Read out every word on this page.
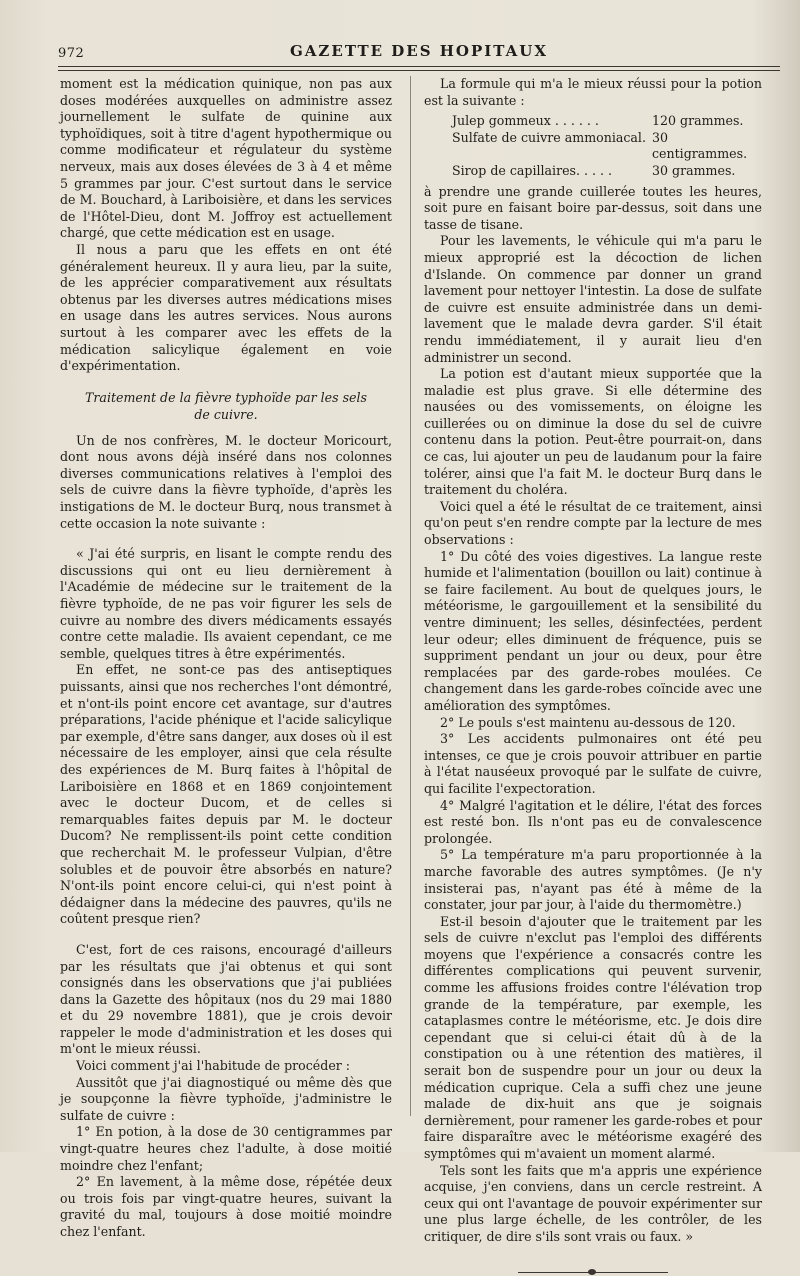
972	GAZETTE DES HOPITAUX

moment est la médication quinique, non pas aux doses modérées auxquelles on administre assez journellement le sulfate de quinine aux typhoïdiques, soit à titre d'agent hypothermique ou comme modificateur et régulateur du système nerveux, mais aux doses élevées de 3 à 4 et même 5 grammes par jour. C'est surtout dans le service de M. Bouchard, à Lariboisière, et dans les services de l'Hôtel-Dieu, dont M. Joffroy est actuellement chargé, que cette médication est en usage.

Il nous a paru que les effets en ont été généralement heureux. Il y aura lieu, par la suite, de les apprécier comparativement aux résultats obtenus par les diverses autres médications mises en usage dans les autres services. Nous aurons surtout à les comparer avec les effets de la médication salicylique également en voie d'expérimentation.

Traitement de la fièvre typhoïde par les sels de cuivre.

Un de nos confrères, M. le docteur Moricourt, dont nous avons déjà inséré dans nos colonnes diverses communications relatives à l'emploi des sels de cuivre dans la fièvre typhoïde, d'après les instigations de M. le docteur Burq, nous transmet à cette occasion la note suivante :

« J'ai été surpris, en lisant le compte rendu des discussions qui ont eu lieu dernièrement à l'Académie de médecine sur le traitement de la fièvre typhoïde, de ne pas voir figurer les sels de cuivre au nombre des divers médicaments essayés contre cette maladie. Ils avaient cependant, ce me semble, quelques titres à être expérimentés.

En effet, ne sont-ce pas des antiseptiques puissants, ainsi que nos recherches l'ont démontré, et n'ont-ils point encore cet avantage, sur d'autres préparations, l'acide phénique et l'acide salicylique par exemple, d'être sans danger, aux doses où il est nécessaire de les employer, ainsi que cela résulte des expériences de M. Burq faites à l'hôpital de Lariboisière en 1868 et en 1869 conjointement avec le docteur Ducom, et de celles si remarquables faites depuis par M. le docteur Ducom? Ne remplissent-ils point cette condition que recherchait M. le professeur Vulpian, d'être solubles et de pouvoir être absorbés en nature? N'ont-ils point encore celui-ci, qui n'est point à dédaigner dans la médecine des pauvres, qu'ils ne coûtent presque rien?

C'est, fort de ces raisons, encouragé d'ailleurs par les résultats que j'ai obtenus et qui sont consignés dans les observations que j'ai publiées dans la Gazette des hôpitaux (nos du 29 mai 1880 et du 29 novembre 1881), que je crois devoir rappeler le mode d'administration et les doses qui m'ont le mieux réussi.

Voici comment j'ai l'habitude de procéder :

Aussitôt que j'ai diagnostiqué ou même dès que je soupçonne la fièvre typhoïde, j'administre le sulfate de cuivre :

1° En potion, à la dose de 30 centigrammes par vingt-quatre heures chez l'adulte, à dose moitié moindre chez l'enfant;

2° En lavement, à la même dose, répétée deux ou trois fois par vingt-quatre heures, suivant la gravité du mal, toujours à dose moitié moindre chez l'enfant.

La formule qui m'a le mieux réussi pour la potion est la suivante :

Julep gommeux . . . . . .	120 grammes.
Sulfate de cuivre ammoniacal. 30 centigrammes.
Sirop de capillaires. . . . .	30 grammes.

à prendre une grande cuillerée toutes les heures, soit pure en faisant boire par-dessus, soit dans une tasse de tisane.

Pour les lavements, le véhicule qui m'a paru le mieux approprié est la décoction de lichen d'Islande. On commence par donner un grand lavement pour nettoyer l'intestin. La dose de sulfate de cuivre est ensuite administrée dans un demi-lavement que le malade devra garder. S'il était rendu immédiatement, il y aurait lieu d'en administrer un second.

La potion est d'autant mieux supportée que la maladie est plus grave. Si elle détermine des nausées ou des vomissements, on éloigne les cuillerées ou on diminue la dose du sel de cuivre contenu dans la potion. Peut-être pourrait-on, dans ce cas, lui ajouter un peu de laudanum pour la faire tolérer, ainsi que l'a fait M. le docteur Burq dans le traitement du choléra.

Voici quel a été le résultat de ce traitement, ainsi qu'on peut s'en rendre compte par la lecture de mes observations :

1° Du côté des voies digestives. La langue reste humide et l'alimentation (bouillon ou lait) continue à se faire facilement. Au bout de quelques jours, le météorisme, le gargouillement et la sensibilité du ventre diminuent; les selles, désinfectées, perdent leur odeur; elles diminuent de fréquence, puis se suppriment pendant un jour ou deux, pour être remplacées par des garde-robes moulées. Ce changement dans les garde-robes coïncide avec une amélioration des symptômes.

2° Le pouls s'est maintenu au-dessous de 120.

3° Les accidents pulmonaires ont été peu intenses, ce que je crois pouvoir attribuer en partie à l'état nauséeux provoqué par le sulfate de cuivre, qui facilite l'expectoration.

4° Malgré l'agitation et le délire, l'état des forces est resté bon. Ils n'ont pas eu de convalescence prolongée.

5° La température m'a paru proportionnée à la marche favorable des autres symptômes. (Je n'y insisterai pas, n'ayant pas été à même de la constater, jour par jour, à l'aide du thermomètre.)

Est-il besoin d'ajouter que le traitement par les sels de cuivre n'exclut pas l'emploi des différents moyens que l'expérience a consacrés contre les différentes complications qui peuvent survenir, comme les affusions froides contre l'élévation trop grande de la température, par exemple, les cataplasmes contre le météorisme, etc. Je dois dire cependant que si celui-ci était dû à de la constipation ou à une rétention des matières, il serait bon de suspendre pour un jour ou deux la médication cuprique. Cela a suffi chez une jeune malade de dix-huit ans que je soignais dernièrement, pour ramener les garde-robes et pour faire disparaître avec le météorisme exagéré des symptômes qui m'avaient un moment alarmé.

Tels sont les faits que m'a appris une expérience acquise, j'en conviens, dans un cercle restreint. A ceux qui ont l'avantage de pouvoir expérimenter sur une plus large échelle, de les contrôler, de les critiquer, de dire s'ils sont vrais ou faux. »
